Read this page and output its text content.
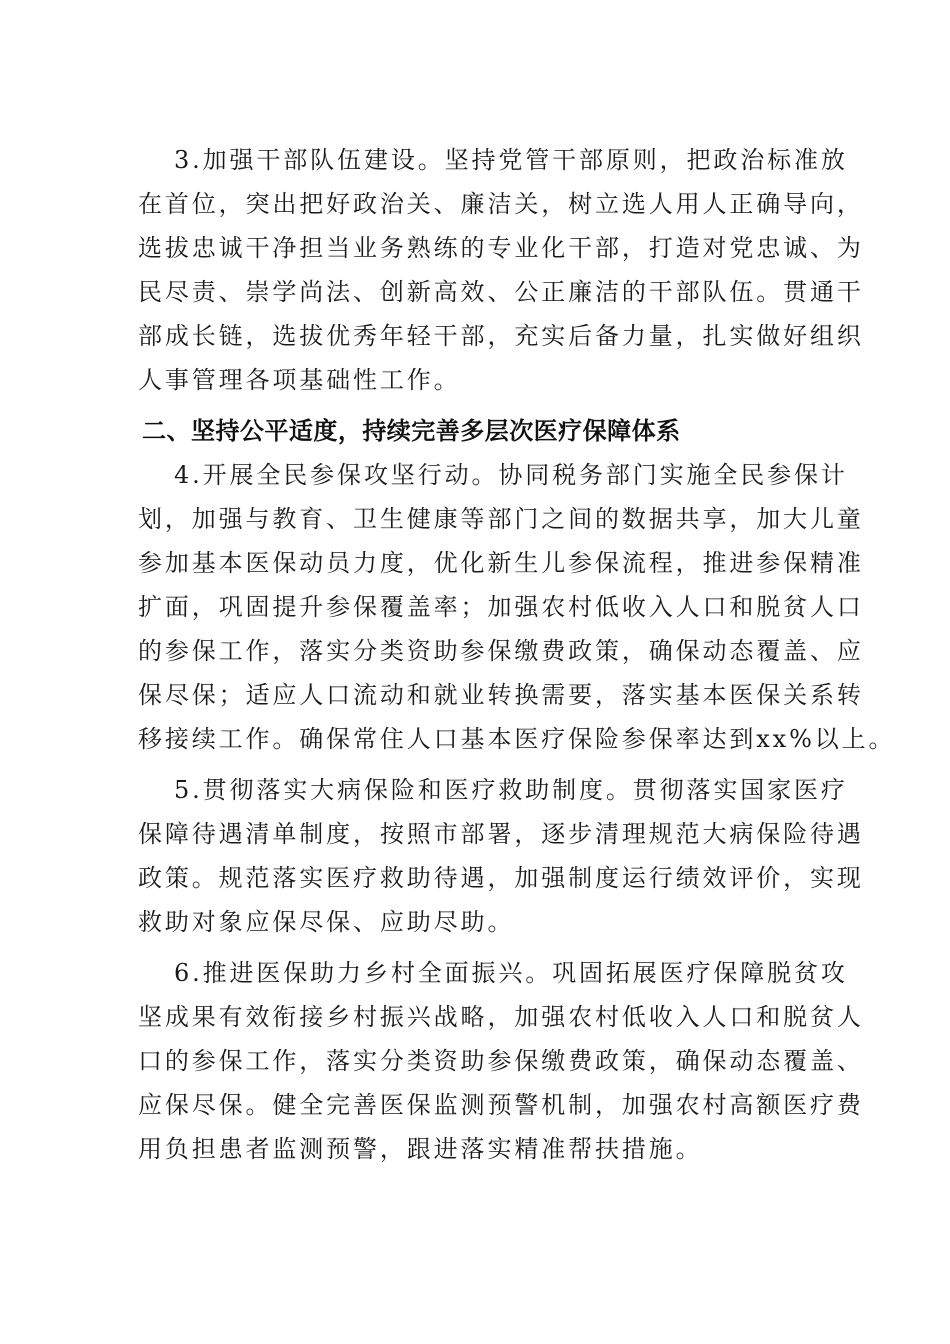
3.加强干部队伍建设。坚持党管干部原则，把政治标准放
在首位，突出把好政治关、廉洁关，树立选人用人正确导向，
选拔忠诚干净担当业务熟练的专业化干部，打造对党忠诚、为
民尽责、崇学尚法、创新高效、公正廉洁的干部队伍。贯通干
部成长链，选拔优秀年轻干部，充实后备力量，扎实做好组织
人事管理各项基础性工作。
二、坚持公平适度，持续完善多层次医疗保障体系
4.开展全民参保攻坚行动。协同税务部门实施全民参保计
划，加强与教育、卫生健康等部门之间的数据共享，加大儿童
参加基本医保动员力度，优化新生儿参保流程，推进参保精准
扩面，巩固提升参保覆盖率；加强农村低收入人口和脱贫人口
的参保工作，落实分类资助参保缴费政策，确保动态覆盖、应
保尽保；适应人口流动和就业转换需要，落实基本医保关系转
移接续工作。确保常住人口基本医疗保险参保率达到xx%以上。
5.贯彻落实大病保险和医疗救助制度。贯彻落实国家医疗
保障待遇清单制度，按照市部署，逐步清理规范大病保险待遇
政策。规范落实医疗救助待遇，加强制度运行绩效评价，实现
救助对象应保尽保、应助尽助。
6.推进医保助力乡村全面振兴。巩固拓展医疗保障脱贫攻
坚成果有效衔接乡村振兴战略，加强农村低收入人口和脱贫人
口的参保工作，落实分类资助参保缴费政策，确保动态覆盖、
应保尽保。健全完善医保监测预警机制，加强农村高额医疗费
用负担患者监测预警，跟进落实精准帮扶措施。
